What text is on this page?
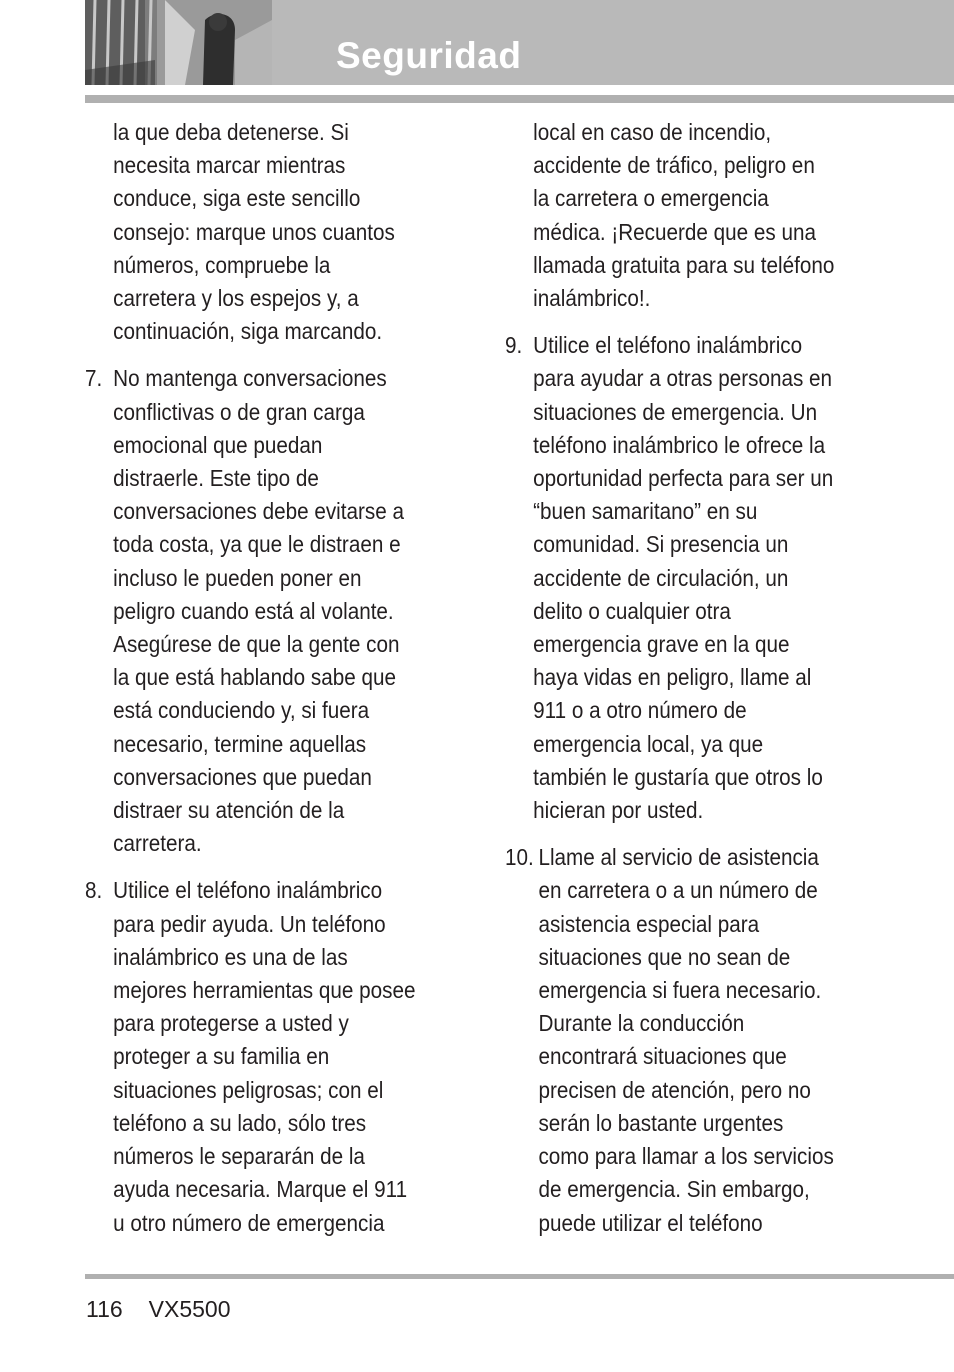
Seguridad
la que deba detenerse. Si
necesita marcar mientras
conduce, siga este sencillo
consejo: marque unos cuantos
números, compruebe la
carretera y los espejos y, a
continuación, siga marcando.
7. No mantenga conversaciones
conflictivas o de gran carga
emocional que puedan
distraerle. Este tipo de
conversaciones debe evitarse a
toda costa, ya que le distraen e
incluso le pueden poner en
peligro cuando está al volante.
Asegúrese de que la gente con
la que está hablando sabe que
está conduciendo y, si fuera
necesario, termine aquellas
conversaciones que puedan
distraer su atención de la
carretera.
8. Utilice el teléfono inalámbrico
para pedir ayuda. Un teléfono
inalámbrico es una de las
mejores herramientas que posee
para protegerse a usted y
proteger a su familia en
situaciones peligrosas; con el
teléfono a su lado, sólo tres
números le separarán de la
ayuda necesaria. Marque el 911
u otro número de emergencia
local en caso de incendio,
accidente de tráfico, peligro en
la carretera o emergencia
médica. ¡Recuerde que es una
llamada gratuita para su teléfono
inalámbrico!.
9. Utilice el teléfono inalámbrico
para ayudar a otras personas en
situaciones de emergencia. Un
teléfono inalámbrico le ofrece la
oportunidad perfecta para ser un
“buen samaritano” en su
comunidad. Si presencia un
accidente de circulación, un
delito o cualquier otra
emergencia grave en la que
haya vidas en peligro, llame al
911 o a otro número de
emergencia local, ya que
también le gustaría que otros lo
hicieran por usted.
10. Llame al servicio de asistencia
en carretera o a un número de
asistencia especial para
situaciones que no sean de
emergencia si fuera necesario.
Durante la conducción
encontrará situaciones que
precisen de atención, pero no
serán lo bastante urgentes
como para llamar a los servicios
de emergencia. Sin embargo,
puede utilizar el teléfono
116 VX5500
